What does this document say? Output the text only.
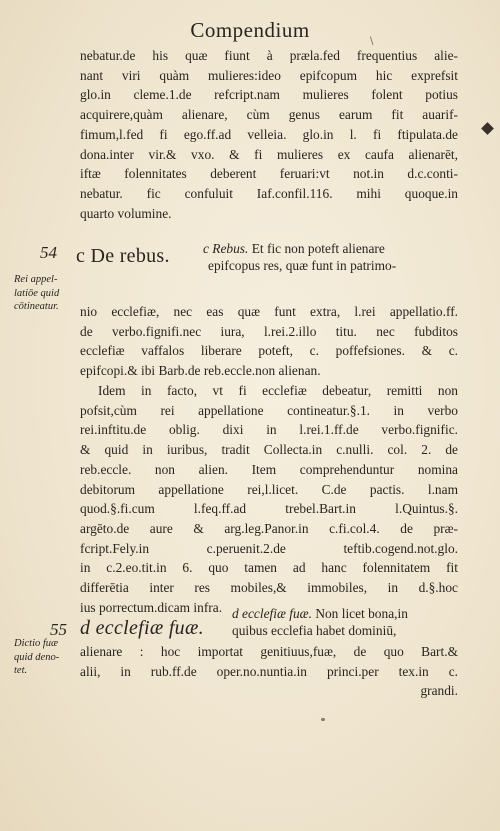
Compendium	\
nebatur.de his quæ fiunt à præla.fed frequentius alie-
nant viri quàm mulieres:ideo epifcopum hic exprefsit
glo.in cleme.1.de refcript.nam mulieres folent potius
acquirere,quàm alienare, cùm genus earum fit auarif-
fimum,l.fed fi ego.ff.ad velleia. glo.in l. fi ftipulata.de
dona.inter vir.& vxo. & fi mulieres ex caufa alienarēt,
iftæ folennitates deberent feruari:vt not.in d.c.conti-
nebatur. fic confuluit Iaf.confil.116. mihi quoque.in
quarto volumine.
54 c De rebus. c Rebus. Et fic non poteft alienare
epifcopus res, quæ funt in patrimo-
Rei appel-
latiōe quid
cōtineatur.	nio ecclefiæ, nec eas quæ funt extra, l.rei appellatio.ff.
de verbo.fignifi.nec iura, l.rei.2.illo titu. nec fubditos
ecclefiæ vaffalos liberare poteft, c. poffefsiones. & c.
epifcopi.& ibi Barb.de reb.eccle.non alienan.
Idem in facto, vt fi ecclefiæ debeatur, remitti non
pofsit,cùm rei appellatione contineatur.§.1. in verbo
rei.inftitu.de oblig. dixi in l.rei.1.ff.de verbo.fignific.
& quid in iuribus, tradit Collecta.in c.nulli. col. 2. de
reb.eccle. non alien. Item comprehenduntur nomina
debitorum appellatione rei,l.licet. C.de pactis. l.nam
quod.§.fi.cum l.feq.ff.ad trebel.Bart.in l.Quintus.§.
argēto.de aure & arg.leg.Panor.in c.fi.col.4. de præ-
fcript.Fely.in c.peruenit.2.de teftib.cogend.not.glo.
in c.2.eo.tit.in 6. quo tamen ad hanc folennitatem fit
differētia inter res mobiles,& immobiles, in d.§.hoc
ius porrectum.dicam infra.
55 d ecclefiæ fuæ.
d ecclefiæ fuæ. Non licet bona,in
quibus ecclefia habet dominiū,
Dictio fuæ
quid deno-
tet.
alienare : hoc importat genitiuus,fuæ, de quo Bart.&
alii, in rub.ff.de oper.no.nuntia.in princi.per tex.in c.
grandi.
